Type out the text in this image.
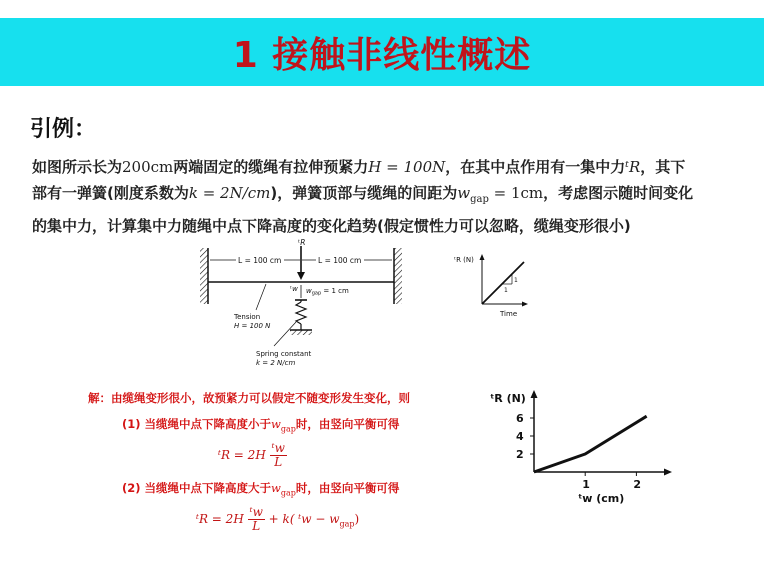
1 接触非线性概述
引例：
如图所示长为200cm两端固定的缆绳有拉伸预紧力H = 100N，在其中点作用有一集中力ᵗR，其下
部有一弹簧(刚度系数为k = 2N/cm)，弹簧顶部与缆绳的间距为$w_{gap} = 1cm$，考虑图示随时间变化
的集中力，计算集中力随绳中点下降高度的变化趋势(假定惯性力可以忽略，缆绳变形很小)
L = 100 cm	L = 100 cm
ᵗR
ᵗw $w_{gap} = 1$ cm
Tension
H = 100 N
Spring constant
k = 2 N/cm
ᵗR (N)
1
1
Time
解：由缆绳变形很小，故预紧力可以假定不随变形发生变化，则
(1) 当缆绳中点下降高度小于$w_{gap}$时，由竖向平衡可得
ᵗR = $2H \frac{\text{ᵗw}}{L}$
(2) 当缆绳中点下降高度大于$w_{gap}$时，由竖向平衡可得
ᵗR = $2H \frac{\text{ᵗw}}{L} + k$( ᵗw − $w_{gap}$)
ᵗR (N)
2
4
6
1	2
ᵗw (cm)
